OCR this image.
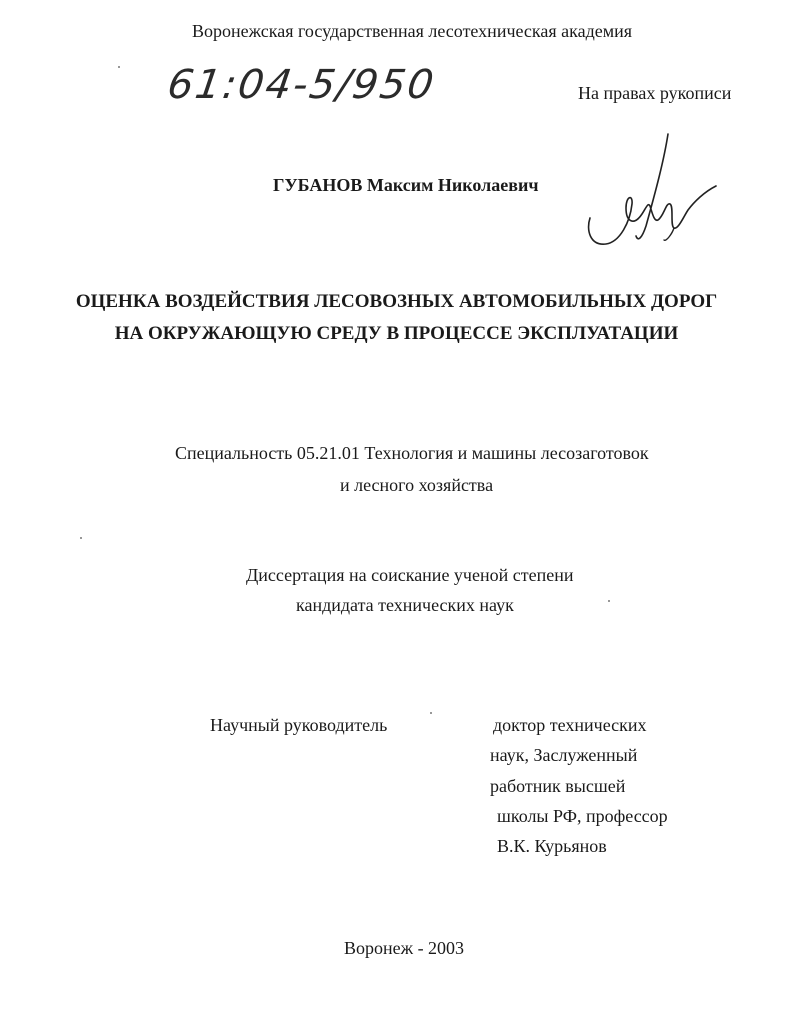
Воронежская государственная лесотехническая академия

61:04-5/950	На правах рукописи

ГУБАНОВ Максим Николаевич

ОЦЕНКА ВОЗДЕЙСТВИЯ ЛЕСОВОЗНЫХ АВТОМОБИЛЬНЫХ ДОРОГ

НА ОКРУЖАЮЩУЮ СРЕДУ В ПРОЦЕССЕ ЭКСПЛУАТАЦИИ

Специальность 05.21.01 Технология и машины лесозаготовок

и лесного хозяйства

Диссертация на соискание ученой степени

кандидата технических наук

Научный руководитель	доктор технических

наук, Заслуженный

работник высшей

школы РФ, профессор

В.К. Курьянов

Воронеж - 2003
